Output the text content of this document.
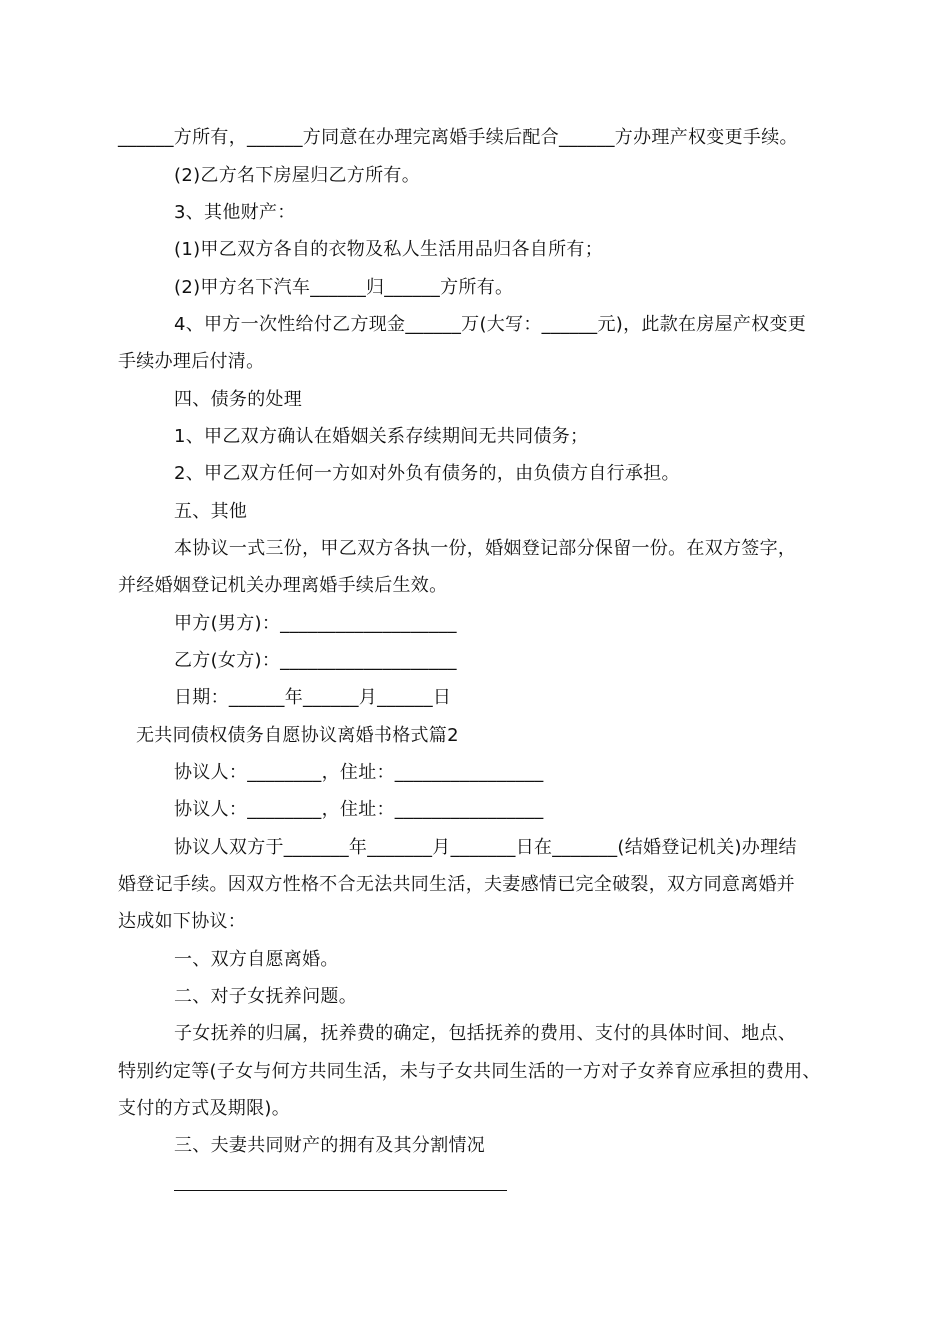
______方所有，______方同意在办理完离婚手续后配合______方办理产权变更手续。
(2)乙方名下房屋归乙方所有。
3、其他财产：
(1)甲乙双方各自的衣物及私人生活用品归各自所有；
(2)甲方名下汽车______归______方所有。
4、甲方一次性给付乙方现金______万(大写：______元)，此款在房屋产权变更
手续办理后付清。
四、债务的处理
1、甲乙双方确认在婚姻关系存续期间无共同债务；
2、甲乙双方任何一方如对外负有债务的，由负债方自行承担。
五、其他
本协议一式三份，甲乙双方各执一份，婚姻登记部分保留一份。在双方签字，
并经婚姻登记机关办理离婚手续后生效。
甲方(男方)：___________________
乙方(女方)：___________________
日期：______年______月______日
无共同债权债务自愿协议离婚书格式篇2
协议人：________，住址：________________
协议人：________，住址：________________
协议人双方于_______年_______月_______日在_______(结婚登记机关)办理结
婚登记手续。因双方性格不合无法共同生活，夫妻感情已完全破裂，双方同意离婚并
达成如下协议：
一、双方自愿离婚。
二、对子女抚养问题。
子女抚养的归属，抚养费的确定，包括抚养的费用、支付的具体时间、地点、
特别约定等(子女与何方共同生活，未与子女共同生活的一方对子女养育应承担的费用、
支付的方式及期限)。
三、夫妻共同财产的拥有及其分割情况
